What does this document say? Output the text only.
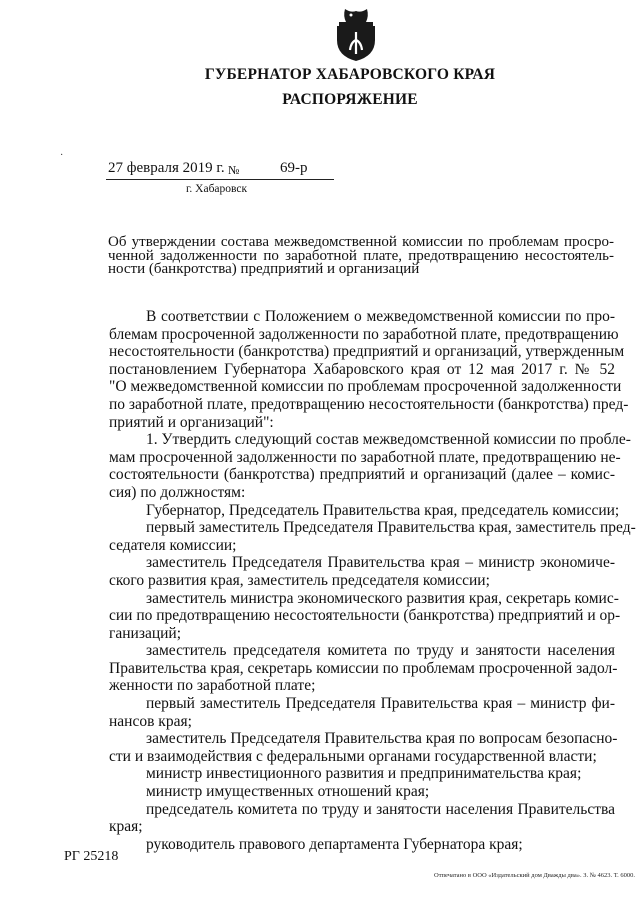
ГУБЕРНАТОР ХАБАРОВСКОГО КРАЯ
РАСПОРЯЖЕНИЕ
·
27 февраля 2019 г. №	69-р
г. Хабаровск

Об утверждении состава межведомственной комиссии по проблемам просро-
ченной задолженности по заработной плате, предотвращению несостоятель-
ности (банкротства) предприятий и организаций

В соответствии с Положением о межведомственной комиссии по про-
блемам просроченной задолженности по заработной плате, предотвращению
несостоятельности (банкротства) предприятий и организаций, утвержденным
постановлением Губернатора Хабаровского края от 12 мая 2017 г. № 52
"О межведомственной комиссии по проблемам просроченной задолженности
по заработной плате, предотвращению несостоятельности (банкротства) пред-
приятий и организаций":
1. Утвердить следующий состав межведомственной комиссии по пробле-
мам просроченной задолженности по заработной плате, предотвращению не-
состоятельности (банкротства) предприятий и организаций (далее – комис-
сия) по должностям:
Губернатор, Председатель Правительства края, председатель комиссии;
первый заместитель Председателя Правительства края, заместитель пред-
седателя комиссии;
заместитель Председателя Правительства края – министр экономиче-
ского развития края, заместитель председателя комиссии;
заместитель министра экономического развития края, секретарь комис-
сии по предотвращению несостоятельности (банкротства) предприятий и ор-
ганизаций;
заместитель председателя комитета по труду и занятости населения
Правительства края, секретарь комиссии по проблемам просроченной задол-
женности по заработной плате;
первый заместитель Председателя Правительства края – министр фи-
нансов края;
заместитель Председателя Правительства края по вопросам безопасно-
сти и взаимодействия с федеральными органами государственной власти;
министр инвестиционного развития и предпринимательства края;
министр имущественных отношений края;
председатель комитета по труду и занятости населения Правительства
края;
руководитель правового департамента Губернатора края;
РГ 25218
Отпечатано в ООО «Издательский дом Дважды два». З. № 4623. Т. 6000.
